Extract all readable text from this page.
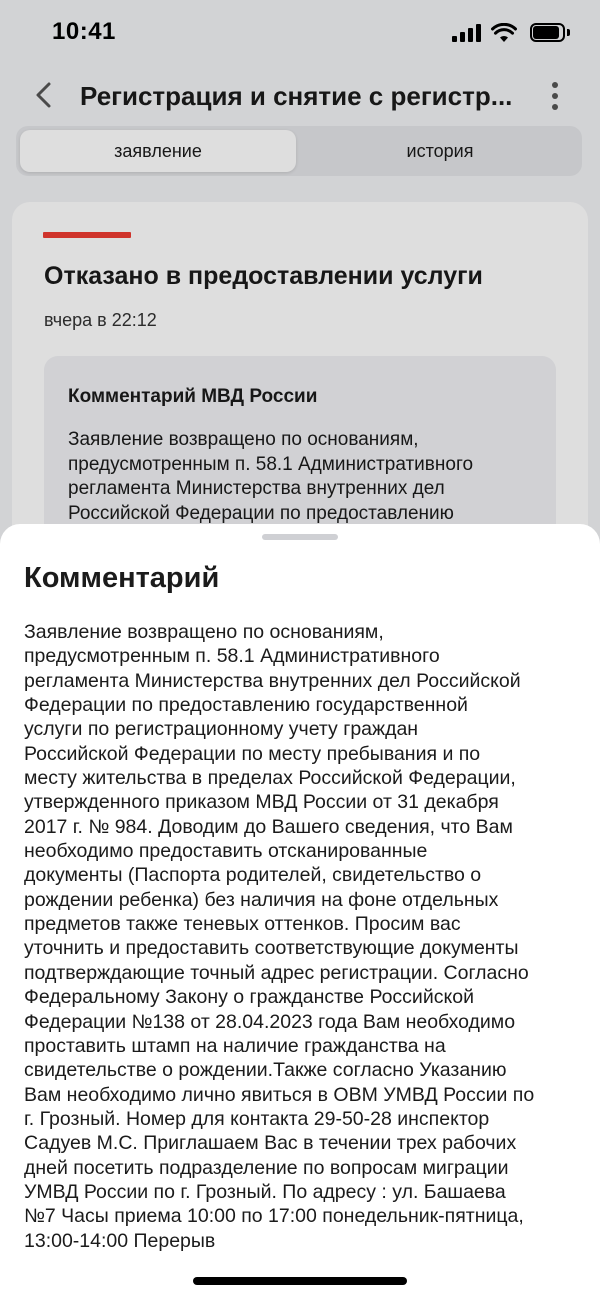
10:41
Регистрация и снятие с регистр...
заявление	история
Отказано в предоставлении услуги
вчера в 22:12
Комментарий МВД России
Заявление возвращено по основаниям,
предусмотренным п. 58.1 Административного
регламента Министерства внутренних дел
Российской Федерации по предоставлению
Комментарий
Заявление возвращено по основаниям,
предусмотренным п. 58.1 Административного
регламента Министерства внутренних дел Российской
Федерации по предоставлению государственной
услуги по регистрационному учету граждан
Российской Федерации по месту пребывания и по
месту жительства в пределах Российской Федерации,
утвержденного приказом МВД России от 31 декабря
2017 г. № 984. Доводим до Вашего сведения, что Вам
необходимо предоставить отсканированные
документы (Паспорта родителей, свидетельство о
рождении ребенка) без наличия на фоне отдельных
предметов также теневых оттенков. Просим вас
уточнить и предоставить соответствующие документы
подтверждающие точный адрес регистрации. Согласно
Федеральному Закону о гражданстве Российской
Федерации №138 от 28.04.2023 года Вам необходимо
проставить штамп на наличие гражданства на
свидетельстве о рождении.Также согласно Указанию
Вам необходимо лично явиться в ОВМ УМВД России по
г. Грозный. Номер для контакта 29-50-28 инспектор
Садуев М.С. Приглашаем Вас в течении трех рабочих
дней посетить подразделение по вопросам миграции
УМВД России по г. Грозный. По адресу : ул. Башаева
№7 Часы приема 10:00 по 17:00 понедельник-пятница,
13:00-14:00 Перерыв
